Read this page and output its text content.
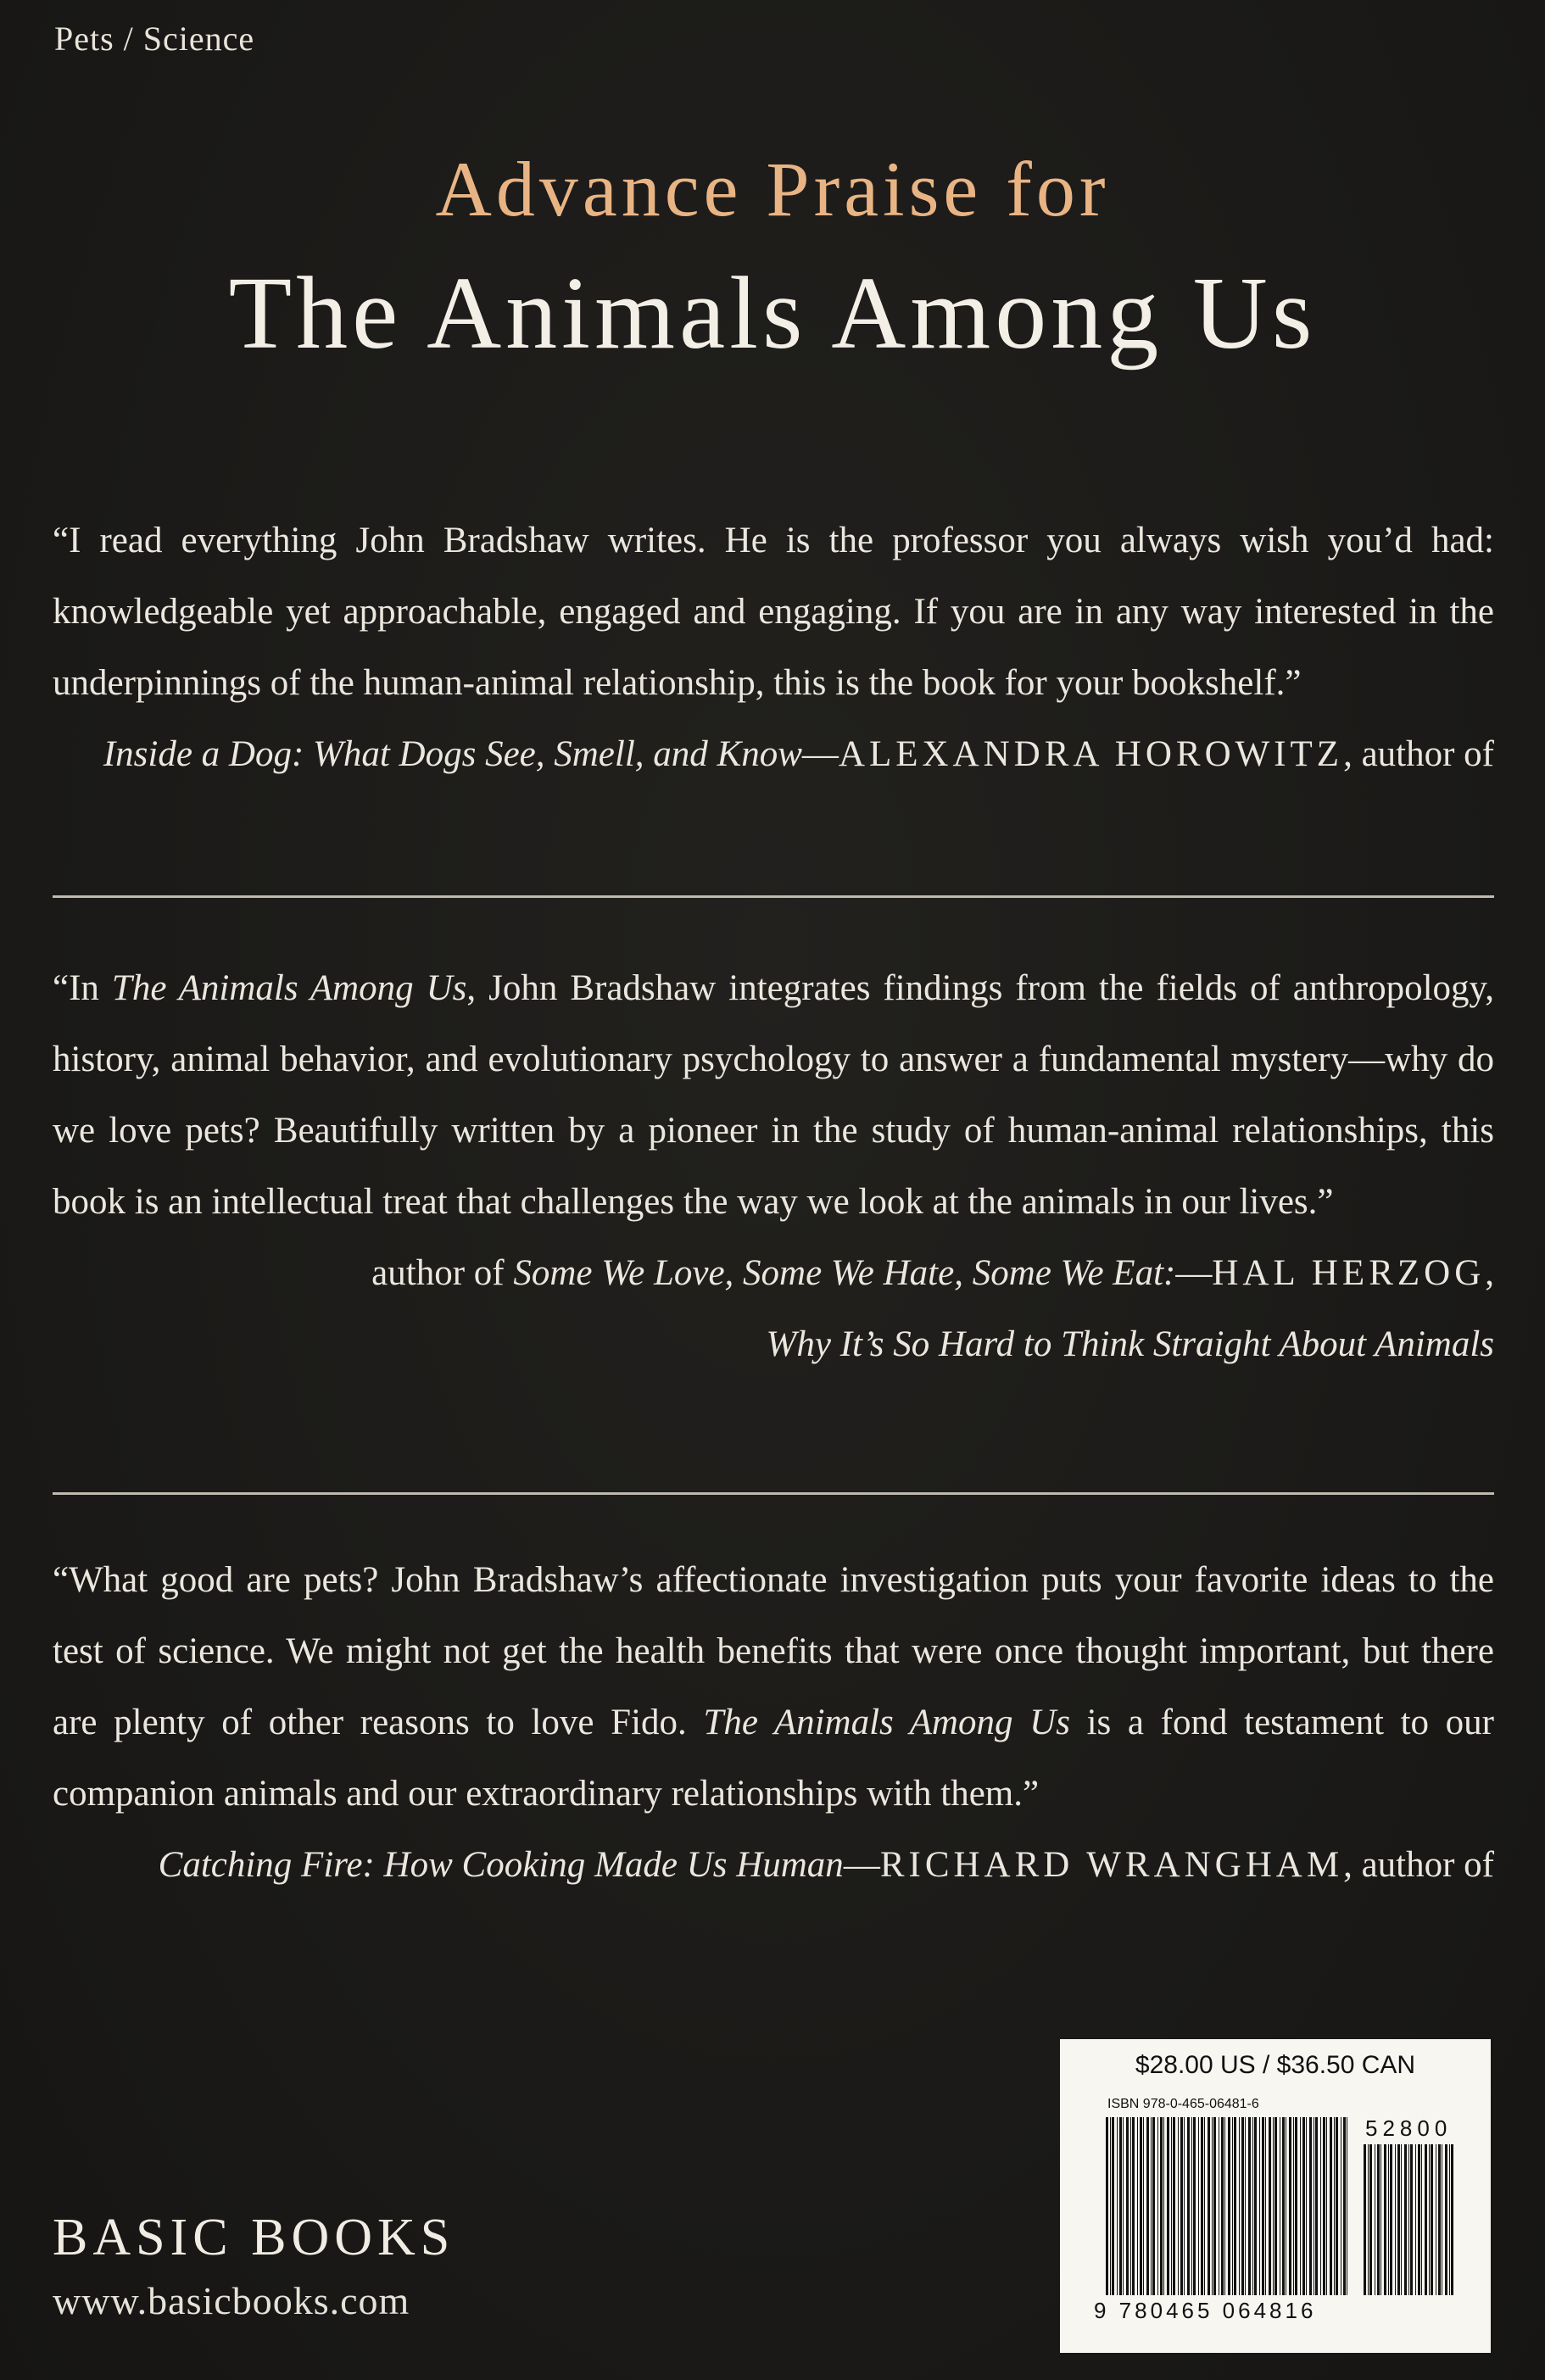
Pets / Science
Advance Praise for
The Animals Among Us

“I read everything John Bradshaw writes. He is the professor you always wish you’d had: knowledgeable yet approachable, engaged and engaging. If you are in any way interested in the underpinnings of the human-animal relationship, this is the book for your bookshelf.”
—ALEXANDRA HOROWITZ, author of

Inside a Dog: What Dogs See, Smell, and Know

“In The Animals Among Us, John Bradshaw integrates findings from the fields of anthropology, history, animal behavior, and evolutionary psychology to answer a fundamental mystery—why do we love pets? Beautifully written by a pioneer in the study of human-animal relationships, this book is an intellectual treat that challenges the way we look at the animals in our lives.”
—HAL HERZOG,

author of Some We Love, Some We Hate, Some We Eat:
Why It’s So Hard to Think Straight About Animals

“What good are pets? John Bradshaw’s affectionate investigation puts your favorite ideas to the test of science. We might not get the health benefits that were once thought important, but there are plenty of other reasons to love Fido. The Animals Among Us is a fond testament to our companion animals and our extraordinary relationships with them.”
—RICHARD WRANGHAM, author of

Catching Fire: How Cooking Made Us Human
BASIC BOOKS
www.basicbooks.com
$28.00 US / $36.50 CAN
ISBN 978-0-465-06481-6
9 780465 064816
52800
